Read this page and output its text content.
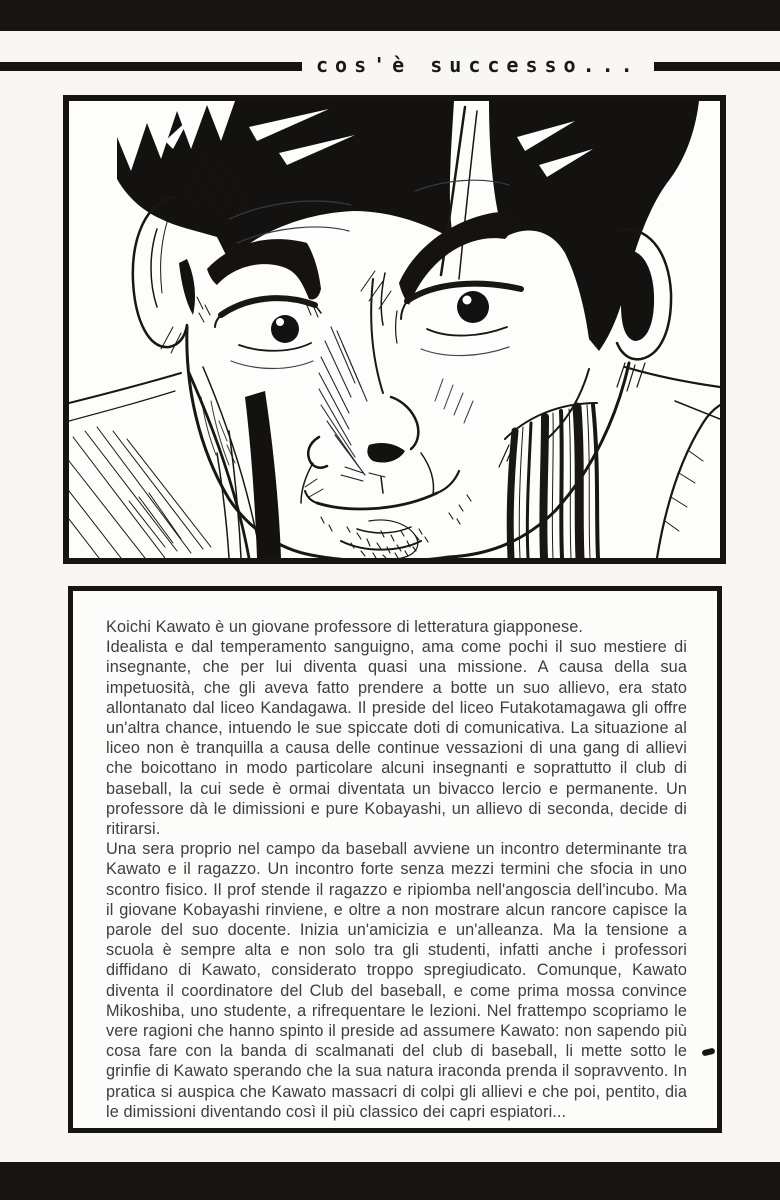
cos'è successo...

Koichi Kawato è un giovane professore di letteratura giapponese.

Idealista e dal temperamento sanguigno, ama come pochi il suo mestiere di insegnante, che per lui diventa quasi una missione. A causa della sua impetuosità, che gli aveva fatto prendere a botte un suo allievo, era stato allontanato dal liceo Kandagawa. Il preside del liceo Futakotamagawa gli offre un'altra chance, intuendo le sue spiccate doti di comunicativa. La situazione al liceo non è tranquilla a causa delle continue vessazioni di una gang di allievi che boicottano in modo particolare alcuni insegnanti e soprattutto il club di baseball, la cui sede è ormai diventata un bivacco lercio e permanente. Un professore dà le dimissioni e pure Kobayashi, un allievo di seconda, decide di ritirarsi.

Una sera proprio nel campo da baseball avviene un incontro determinante tra Kawato e il ragazzo. Un incontro forte senza mezzi termini che sfocia in uno scontro fisico. Il prof stende il ragazzo e ripiomba nell'angoscia dell'incubo. Ma il giovane Kobayashi rinviene, e oltre a non mostrare alcun rancore capisce la parole del suo docente. Inizia un'amicizia e un'alleanza. Ma la tensione a scuola è sempre alta e non solo tra gli studenti, infatti anche i professori diffidano di Kawato, considerato troppo spregiudicato. Comunque, Kawato diventa il coordinatore del Club del baseball, e come prima mossa convince Mikoshiba, uno studente, a rifrequentare le lezioni. Nel frattempo scopriamo le vere ragioni che hanno spinto il preside ad assumere Kawato: non sapendo più cosa fare con la banda di scalmanati del club di baseball, li mette sotto le grinfie di Kawato sperando che la sua natura iraconda prenda il sopravvento. In pratica si auspica che Kawato massacri di colpi gli allievi e che poi, pentito, dia le dimissioni diventando così il più classico dei capri espiatori...
